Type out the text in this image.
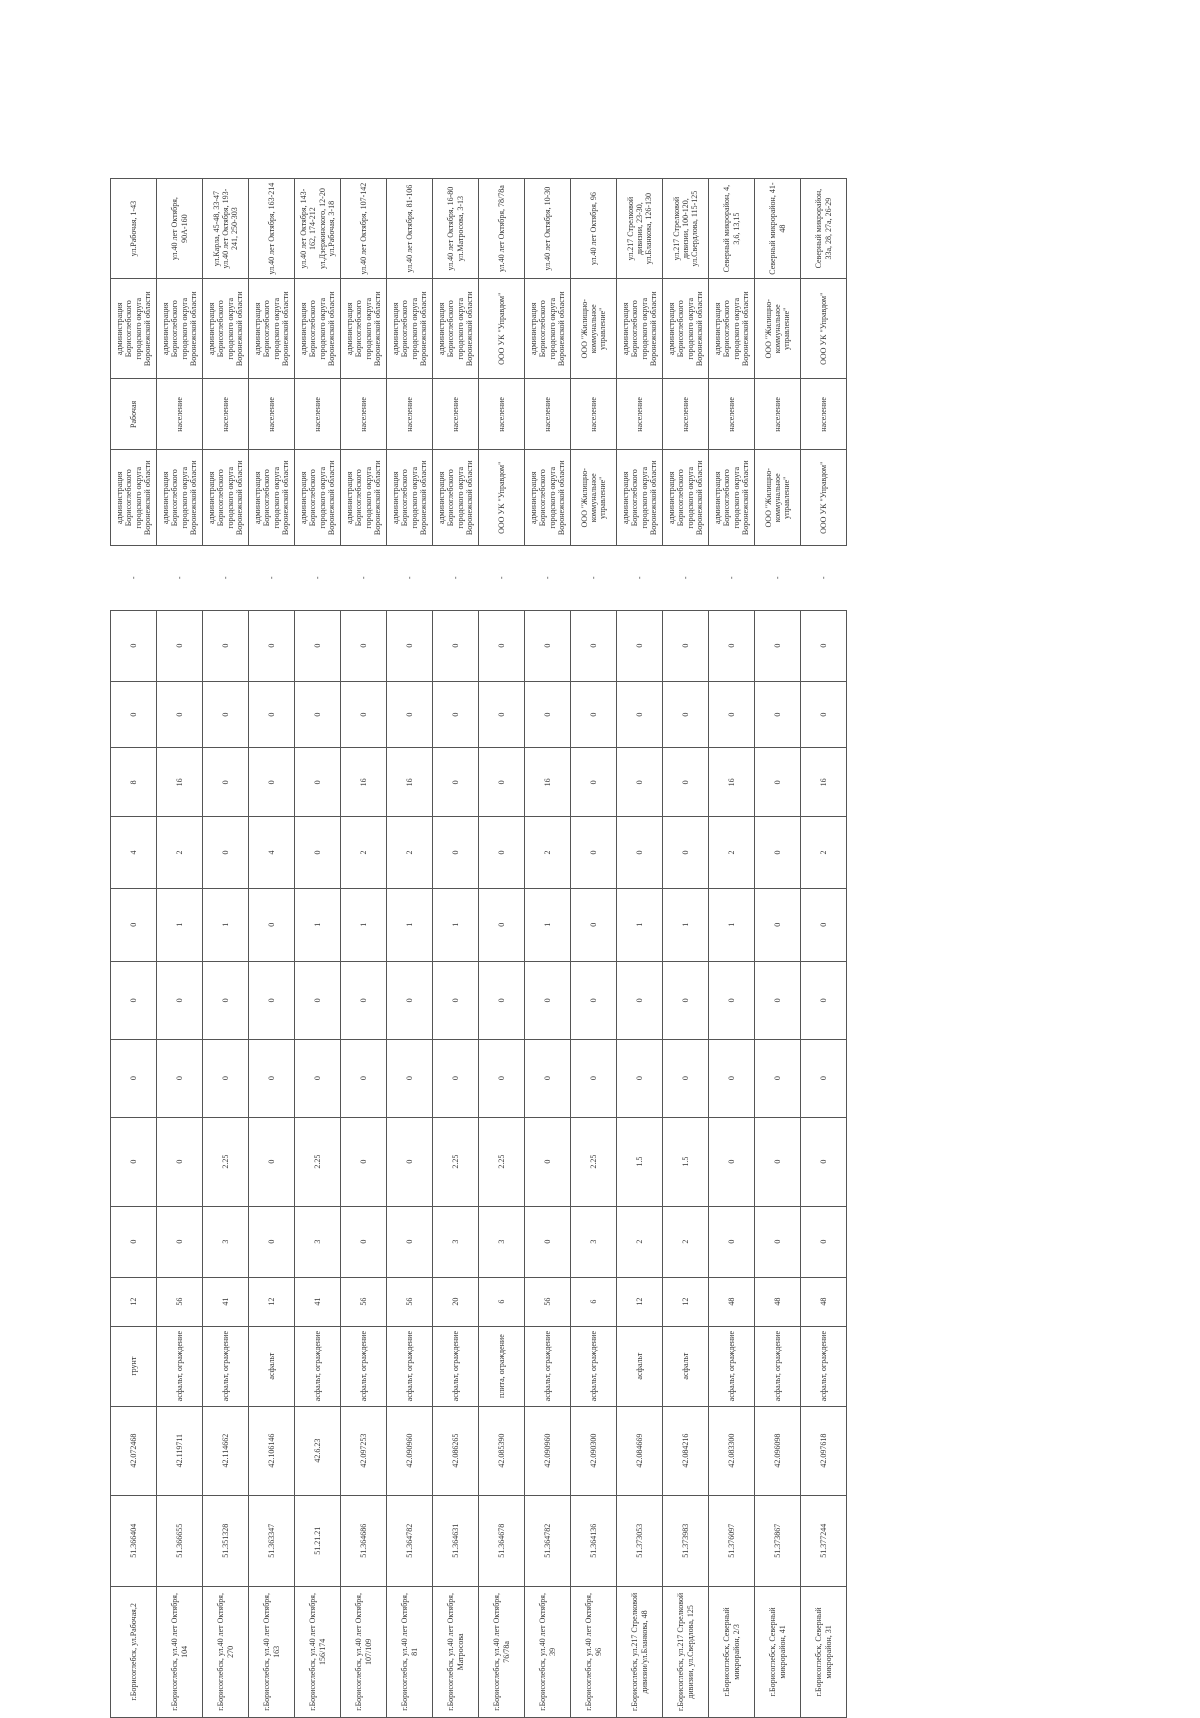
г.Борисоглебск, ул.Рабочая,2	51.366404	42.072468	грунт	12	0	0	0	0	0	4	8	0	0	-	администрация Борисоглебского городского округа Воронежской области	Рабочая	администрация Борисоглебского городского округа Воронежской области	ул.Рабочая, 1-43
г.Борисоглебск, ул.40 лет Октября, 104	51.366655	42.119711	асфальт, ограждение	56	0	0	0	0	1	2	16	0	0	-	администрация Борисоглебского городского округа Воронежской области	население	администрация Борисоглебского городского округа Воронежской области	ул.40 лет Октября, 90А-160
г.Борисоглебск, ул.40 лет Октября, 270	51.351328	42.114662	асфальт, ограждение	41	3	2.25	0	0	1	0	0	0	0	-	администрация Борисоглебского городского округа Воронежской области	население	администрация Борисоглебского городского округа Воронежской области	ул.Карла, 45-48, 33-47 ул.40 лет Октября, 193-241, 250-303
г.Борисоглебск, ул.40 лет Октября, 163	51.363347	42.106146	асфальт	12	0	0	0	0	0	4	0	0	0	-	администрация Борисоглебского городского округа Воронежской области	население	администрация Борисоглебского городского округа Воронежской области	ул.40 лет Октября, 163-214
г.Борисоглебск, ул.40 лет Октября, 156/174	51.21.21	42.6.23	асфальт, ограждение	41	3	2.25	0	0	1	0	0	0	0	-	администрация Борисоглебского городского округа Воронежской области	население	администрация Борисоглебского городского округа Воронежской области	ул.40 лет Октября, 143-162, 174-212 ул.Дзержинского, 12-20 ул.Рабочая, 3-18
г.Борисоглебск, ул.40 лет Октября, 107/109	51.364686	42.097253	асфальт, ограждение	56	0	0	0	0	1	2	16	0	0	-	администрация Борисоглебского городского округа Воронежской области	население	администрация Борисоглебского городского округа Воронежской области	ул.40 лет Октября, 107-142
г.Борисоглебск, ул.40 лет Октября, 81	51.364782	42.090960	асфальт, ограждение	56	0	0	0	0	1	2	16	0	0	-	администрация Борисоглебского городского округа Воронежской области	население	администрация Борисоглебского городского округа Воронежской области	ул.40 лет Октября, 81-106
г.Борисоглебск, ул.40 лет Октября, Матросова	51.364631	42.086265	асфальт, ограждение	20	3	2.25	0	0	1	0	0	0	0	-	администрация Борисоглебского городского округа Воронежской области	население	администрация Борисоглебского городского округа Воронежской области	ул.40 лет Октября, 16-80 ул.Матросова, 3-13
г.Борисоглебск, ул.40 лет Октября, 76/78а	51.364678	42.085390	плита, ограждение	6	3	2.25	0	0	0	0	0	0	0	-	ООО УК "Управдом"	население	ООО УК "Управдом"	ул.40 лет Октября, 78/78а
г.Борисоглебск, ул.40 лет Октября, 39	51.364782	42.090960	асфальт, ограждение	56	0	0	0	0	1	2	16	0	0	-	администрация Борисоглебского городского округа Воронежской области	население	администрация Борисоглебского городского округа Воронежской области	ул.40 лет Октября, 10-30
г.Борисоглебск, ул.40 лет Октября, 96	51.364136	42.090300	асфальт, ограждение	6	3	2.25	0	0	0	0	0	0	0	-	ООО "Жилищно-коммунальное управление"	население	ООО "Жилищно-коммунальное управление"	ул.40 лет Октября, 96
г.Борисоглебск, ул.217 Стрелковой дивизии/ул.Бланкова, 48	51.373053	42.084669	асфальт	12	2	1.5	0	0	1	0	0	0	0	-	администрация Борисоглебского городского округа Воронежской области	население	администрация Борисоглебского городского округа Воронежской области	ул.217 Стрелковой дивизии, 23-30, ул.Бланкова, 126-130
г.Борисоглебск, ул.217 Стрелковой дивизии, ул.Свердлова, 125	51.373983	42.084216	асфальт	12	2	1.5	0	0	1	0	0	0	0	-	администрация Борисоглебского городского округа Воронежской области	население	администрация Борисоглебского городского округа Воронежской области	ул.217 Стрелковой дивизии, 100-120, ул.Свердлова, 115-125
г.Борисоглебск, Северный микрорайон, 2/3	51.376097	42.083300	асфальт, ограждение	48	0	0	0	0	1	2	16	0	0	-	администрация Борисоглебского городского округа Воронежской области	население	администрация Борисоглебского городского округа Воронежской области	Северный микрорайон, 4, 3,6, 13,15
г.Борисоглебск, Северный микрорайон, 41	51.373867	42.096098	асфальт, ограждение	48	0	0	0	0	0	0	0	0	0	-	ООО "Жилищно-коммунальное управление"	население	ООО "Жилищно-коммунальное управление"	Северный микрорайон, 41-48
г.Борисоглебск, Северный микрорайон, 31	51.377244	42.097618	асфальт, ограждение	48	0	0	0	0	0	2	16	0	0	-	ООО УК "Управдом"	население	ООО УК "Управдом"	Северный микрорайон, 33а, 28, 27а, 26-29
